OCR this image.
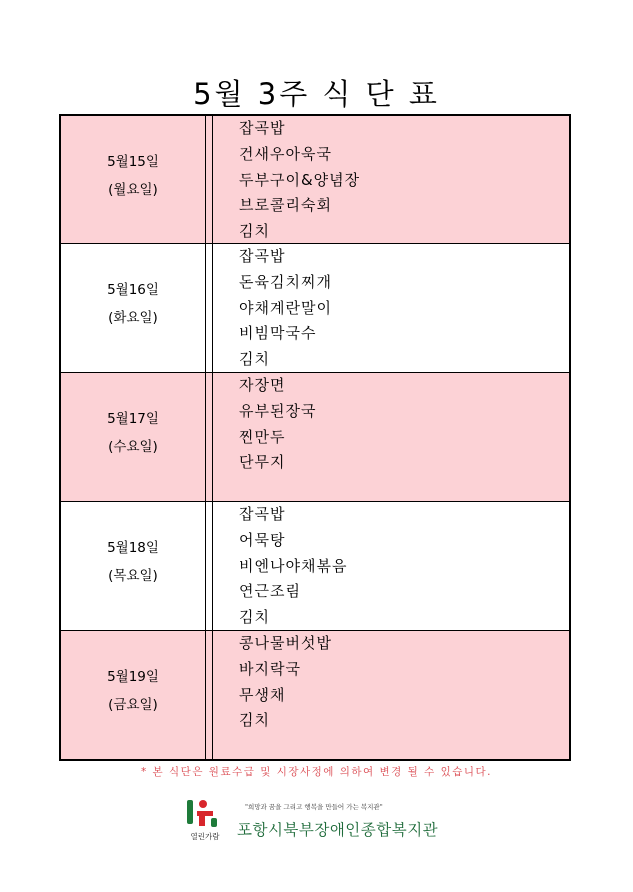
5월 3주 식 단 표
5월15일
(월요일)
잡곡밥
건새우아욱국
두부구이&양념장
브로콜리숙회
김치
5월16일
(화요일)
잡곡밥
돈육김치찌개
야채계란말이
비빔막국수
김치
5월17일
(수요일)
자장면
유부된장국
찐만두
단무지
5월18일
(목요일)
잡곡밥
어묵탕
비엔나야채볶음
연근조림
김치
5월19일
(금요일)
콩나물버섯밥
바지락국
무생채
김치
* 본 식단은 원료수급 및 시장사정에 의하여 변경 될 수 있습니다.
열린가람
"희망과 꿈을 그리고 행복을 만들어 가는 복지관"
포항시북부장애인종합복지관
